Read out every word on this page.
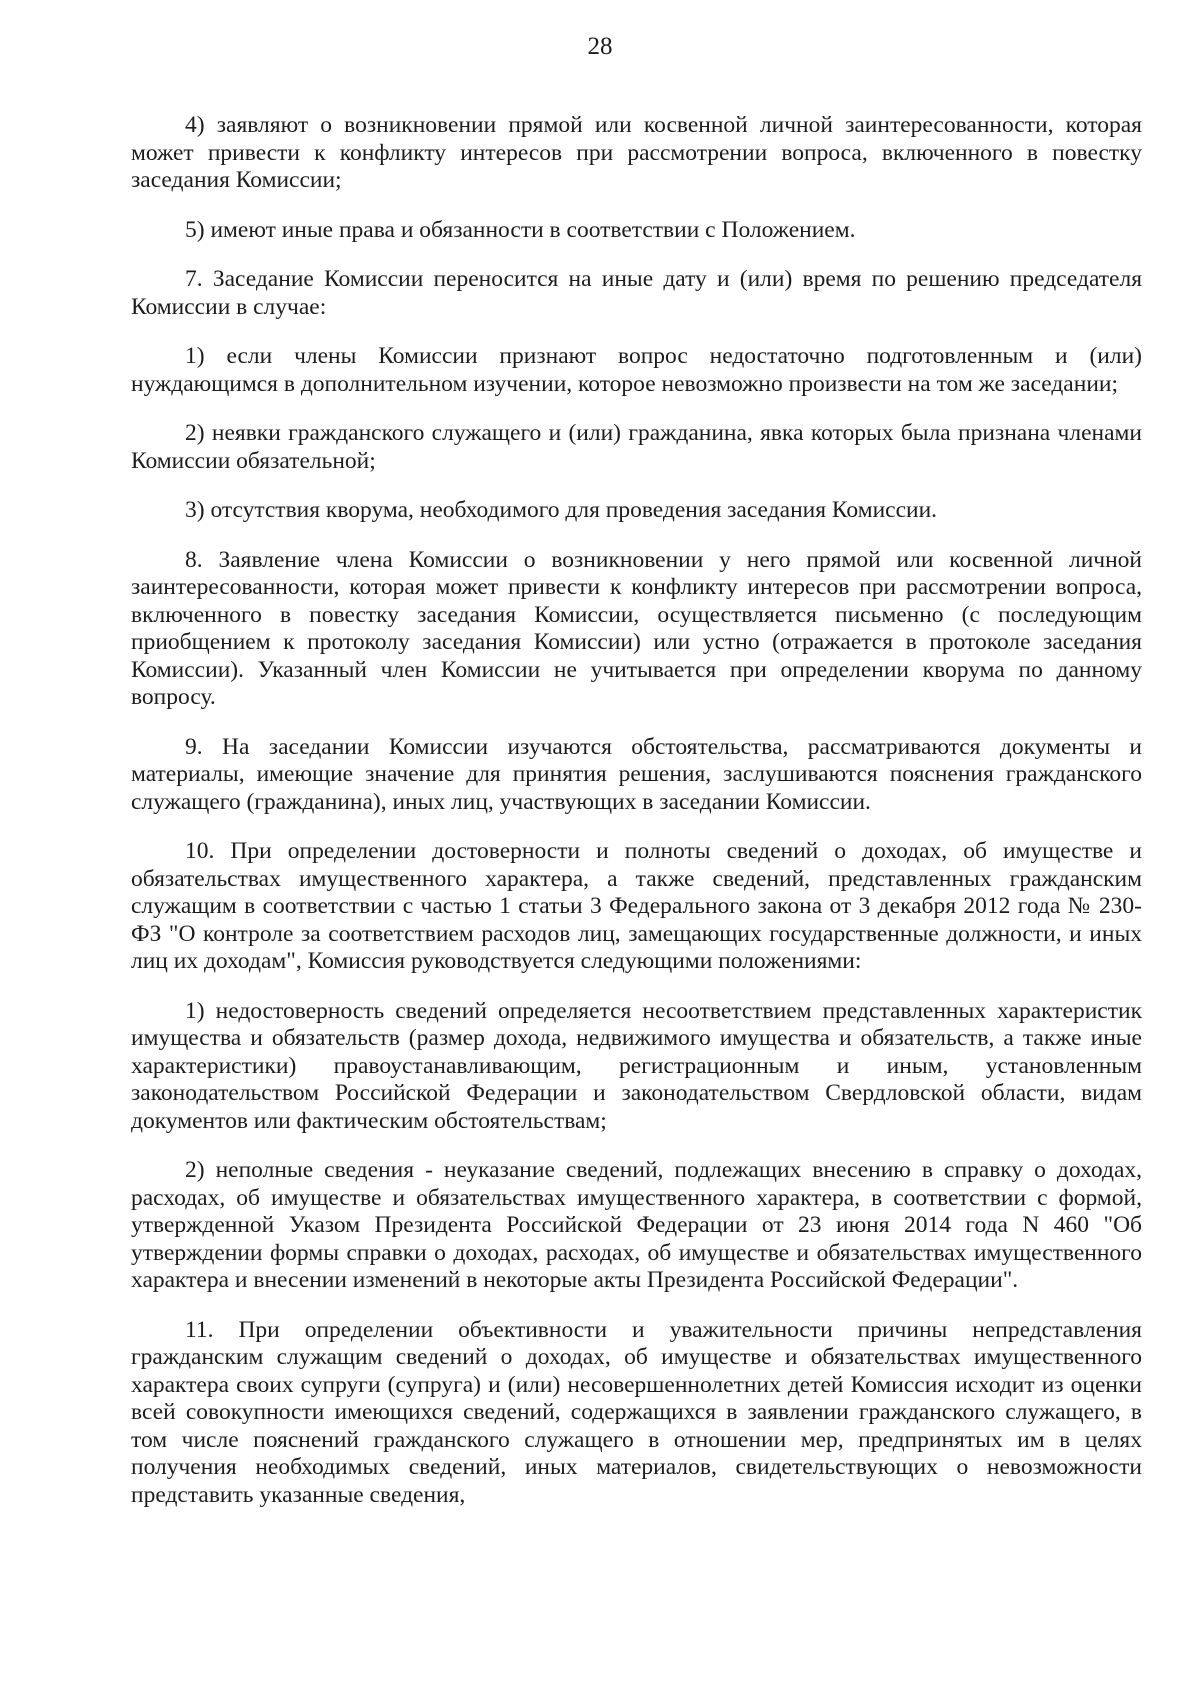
28

4) заявляют о возникновении прямой или косвенной личной заинтересованности, которая может привести к конфликту интересов при рассмотрении вопроса, включенного в повестку заседания Комиссии;

5) имеют иные права и обязанности в соответствии с Положением.

7. Заседание Комиссии переносится на иные дату и (или) время по решению председателя Комиссии в случае:

1) если члены Комиссии признают вопрос недостаточно подготовленным и (или) нуждающимся в дополнительном изучении, которое невозможно произвести на том же заседании;

2) неявки гражданского служащего и (или) гражданина, явка которых была признана членами Комиссии обязательной;

3) отсутствия кворума, необходимого для проведения заседания Комиссии.

8. Заявление члена Комиссии о возникновении у него прямой или косвенной личной заинтересованности, которая может привести к конфликту интересов при рассмотрении вопроса, включенного в повестку заседания Комиссии, осуществляется письменно (с последующим приобщением к протоколу заседания Комиссии) или устно (отражается в протоколе заседания Комиссии). Указанный член Комиссии не учитывается при определении кворума по данному вопросу.

9. На заседании Комиссии изучаются обстоятельства, рассматриваются документы и материалы, имеющие значение для принятия решения, заслушиваются пояснения гражданского служащего (гражданина), иных лиц, участвующих в заседании Комиссии.

10. При определении достоверности и полноты сведений о доходах, об имуществе и обязательствах имущественного характера, а также сведений, представленных гражданским служащим в соответствии с частью 1 статьи 3 Федерального закона от 3 декабря 2012 года № 230-ФЗ "О контроле за соответствием расходов лиц, замещающих государственные должности, и иных лиц их доходам", Комиссия руководствуется следующими положениями:

1) недостоверность сведений определяется несоответствием представленных характеристик имущества и обязательств (размер дохода, недвижимого имущества и обязательств, а также иные характеристики) правоустанавливающим, регистрационным и иным, установленным законодательством Российской Федерации и законодательством Свердловской области, видам документов или фактическим обстоятельствам;

2) неполные сведения - неуказание сведений, подлежащих внесению в справку о доходах, расходах, об имуществе и обязательствах имущественного характера, в соответствии с формой, утвержденной Указом Президента Российской Федерации от 23 июня 2014 года N 460 "Об утверждении формы справки о доходах, расходах, об имуществе и обязательствах имущественного характера и внесении изменений в некоторые акты Президента Российской Федерации".

11. При определении объективности и уважительности причины непредставления гражданским служащим сведений о доходах, об имуществе и обязательствах имущественного характера своих супруги (супруга) и (или) несовершеннолетних детей Комиссия исходит из оценки всей совокупности имеющихся сведений, содержащихся в заявлении гражданского служащего, в том числе пояснений гражданского служащего в отношении мер, предпринятых им в целях получения необходимых сведений, иных материалов, свидетельствующих о невозможности представить указанные сведения,
